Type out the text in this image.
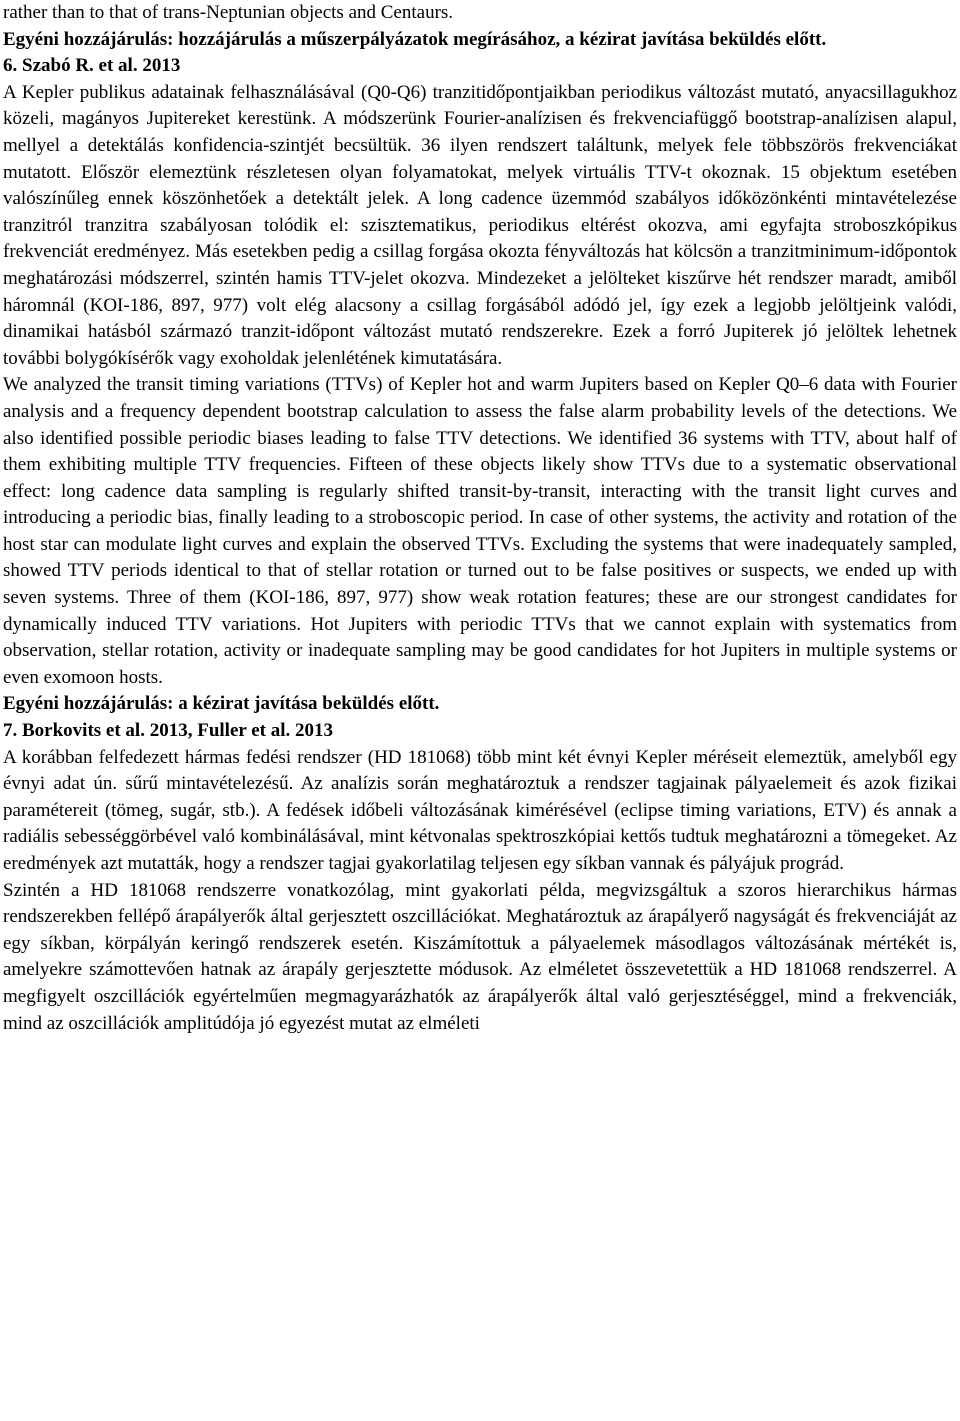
rather than to that of trans-Neptunian objects and Centaurs.

Egyéni hozzájárulás: hozzájárulás a műszerpályázatok megírásához, a kézirat javítása beküldés előtt.

6. Szabó R. et al. 2013

A Kepler publikus adatainak felhasználásával (Q0-Q6) tranzitidőpontjaikban periodikus változást mutató, anyacsillagukhoz közeli, magányos Jupitereket kerestünk. A módszerünk Fourier-analízisen és frekvenciafüggő bootstrap-analízisen alapul, mellyel a detektálás konfidencia-szintjét becsültük. 36 ilyen rendszert találtunk, melyek fele többszörös frekvenciákat mutatott. Először elemeztünk részletesen olyan folyamatokat, melyek virtuális TTV-t okoznak. 15 objektum esetében valószínűleg ennek köszönhetőek a detektált jelek. A long cadence üzemmód szabályos időközönkénti mintavételezése tranzitról tranzitra szabályosan tolódik el: szisztematikus, periodikus eltérést okozva, ami egyfajta stroboszkópikus frekvenciát eredményez. Más esetekben pedig a csillag forgása okozta fényváltozás hat kölcsön a tranzitminimum-időpontok meghatározási módszerrel, szintén hamis TTV-jelet okozva. Mindezeket a jelölteket kiszűrve hét rendszer maradt, amiből háromnál (KOI-186, 897, 977) volt elég alacsony a csillag forgásából adódó jel, így ezek a legjobb jelöltjeink valódi, dinamikai hatásból származó tranzit-időpont változást mutató rendszerekre. Ezek a forró Jupiterek jó jelöltek lehetnek további bolygókísérők vagy exoholdak jelenlétének kimutatására.

We analyzed the transit timing variations (TTVs) of Kepler hot and warm Jupiters based on Kepler Q0–6 data with Fourier analysis and a frequency dependent bootstrap calculation to assess the false alarm probability levels of the detections. We also identified possible periodic biases leading to false TTV detections. We identified 36 systems with TTV, about half of them exhibiting multiple TTV frequencies. Fifteen of these objects likely show TTVs due to a systematic observational effect: long cadence data sampling is regularly shifted transit-by-transit, interacting with the transit light curves and introducing a periodic bias, finally leading to a stroboscopic period. In case of other systems, the activity and rotation of the host star can modulate light curves and explain the observed TTVs. Excluding the systems that were inadequately sampled, showed TTV periods identical to that of stellar rotation or turned out to be false positives or suspects, we ended up with seven systems. Three of them (KOI-186, 897, 977) show weak rotation features; these are our strongest candidates for dynamically induced TTV variations. Hot Jupiters with periodic TTVs that we cannot explain with systematics from observation, stellar rotation, activity or inadequate sampling may be good candidates for hot Jupiters in multiple systems or even exomoon hosts.

Egyéni hozzájárulás: a kézirat javítása beküldés előtt.

7. Borkovits et al. 2013, Fuller et al. 2013

A korábban felfedezett hármas fedési rendszer (HD 181068) több mint két évnyi Kepler méréseit elemeztük, amelyből egy évnyi adat ún. sűrű mintavételezésű. Az analízis során meghatároztuk a rendszer tagjainak pályaelemeit és azok fizikai paramétereit (tömeg, sugár, stb.). A fedések időbeli változásának kimérésével (eclipse timing variations, ETV) és annak a radiális sebességgörbével való kombinálásával, mint kétvonalas spektroszkópiai kettős tudtuk meghatározni a tömegeket. Az eredmények azt mutatták, hogy a rendszer tagjai gyakorlatilag teljesen egy síkban vannak és pályájuk prográd.

Szintén a HD 181068 rendszerre vonatkozólag, mint gyakorlati példa, megvizsgáltuk a szoros hierarchikus hármas rendszerekben fellépő árapályerők által gerjesztett oszcillációkat. Meghatároztuk az árapályerő nagyságát és frekvenciáját az egy síkban, körpályán keringő rendszerek esetén. Kiszámítottuk a pályaelemek másodlagos változásának mértékét is, amelyekre számottevően hatnak az árapály gerjesztette módusok. Az elméletet összevetettük a HD 181068 rendszerrel. A megfigyelt oszcillációk egyértelműen megmagyarázhatók az árapályerők által való gerjesztéséggel, mind a frekvenciák, mind az oszcillációk amplitúdója jó egyezést mutat az elméleti
